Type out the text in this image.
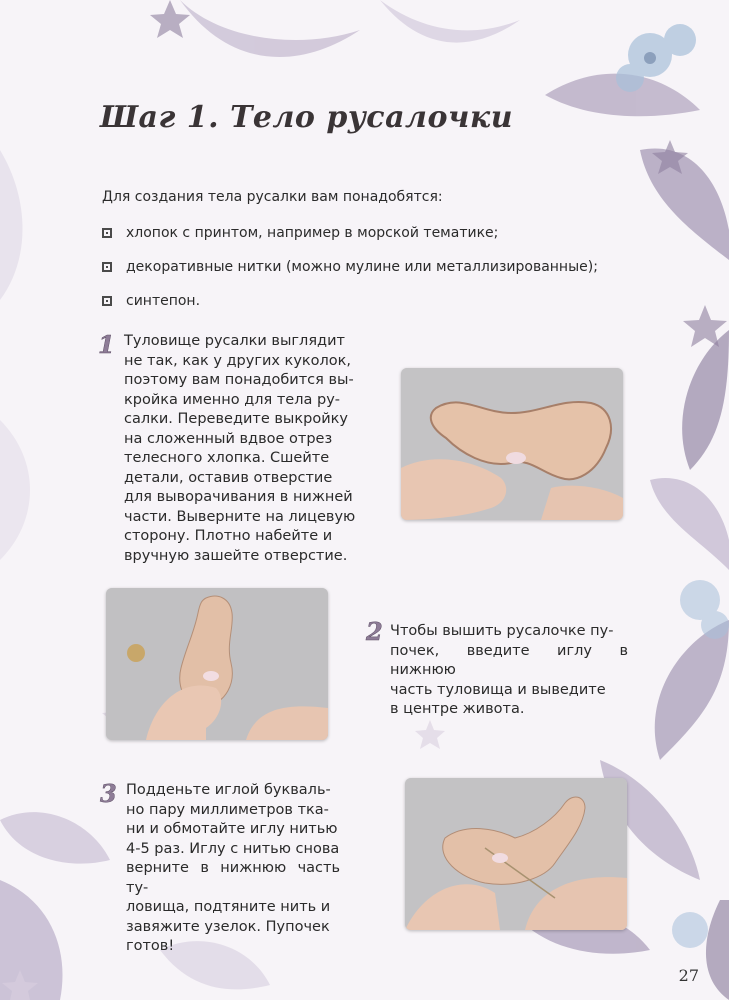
Шаг 1. Тело русалочки
Для создания тела русалки вам понадобятся:
хлопок с принтом, например в морской тематике;
декоративные нитки (можно мулине или металлизированные);
синтепон.
1 Туловище русалки выглядит
не так, как у других куколок,
поэтому вам понадобится вы-
кройка именно для тела ру-
салки. Переведите выкройку
на сложенный вдвое отрез
телесного хлопка. Сшейте
детали, оставив отверстие
для выворачивания в нижней
части. Выверните на лицевую
сторону. Плотно набейте и
вручную зашейте отверстие.
2 Чтобы вышить русалочке пу-
почек, введите иглу в нижнюю
часть туловища и выведите
в центре живота.
3 Подденьте иглой букваль-
но пару миллиметров тка-
ни и обмотайте иглу нитью
4-5 раз. Иглу с нитью снова
верните в нижнюю часть ту-
ловища, подтяните нить и
завяжите узелок. Пупочек
готов!
27
